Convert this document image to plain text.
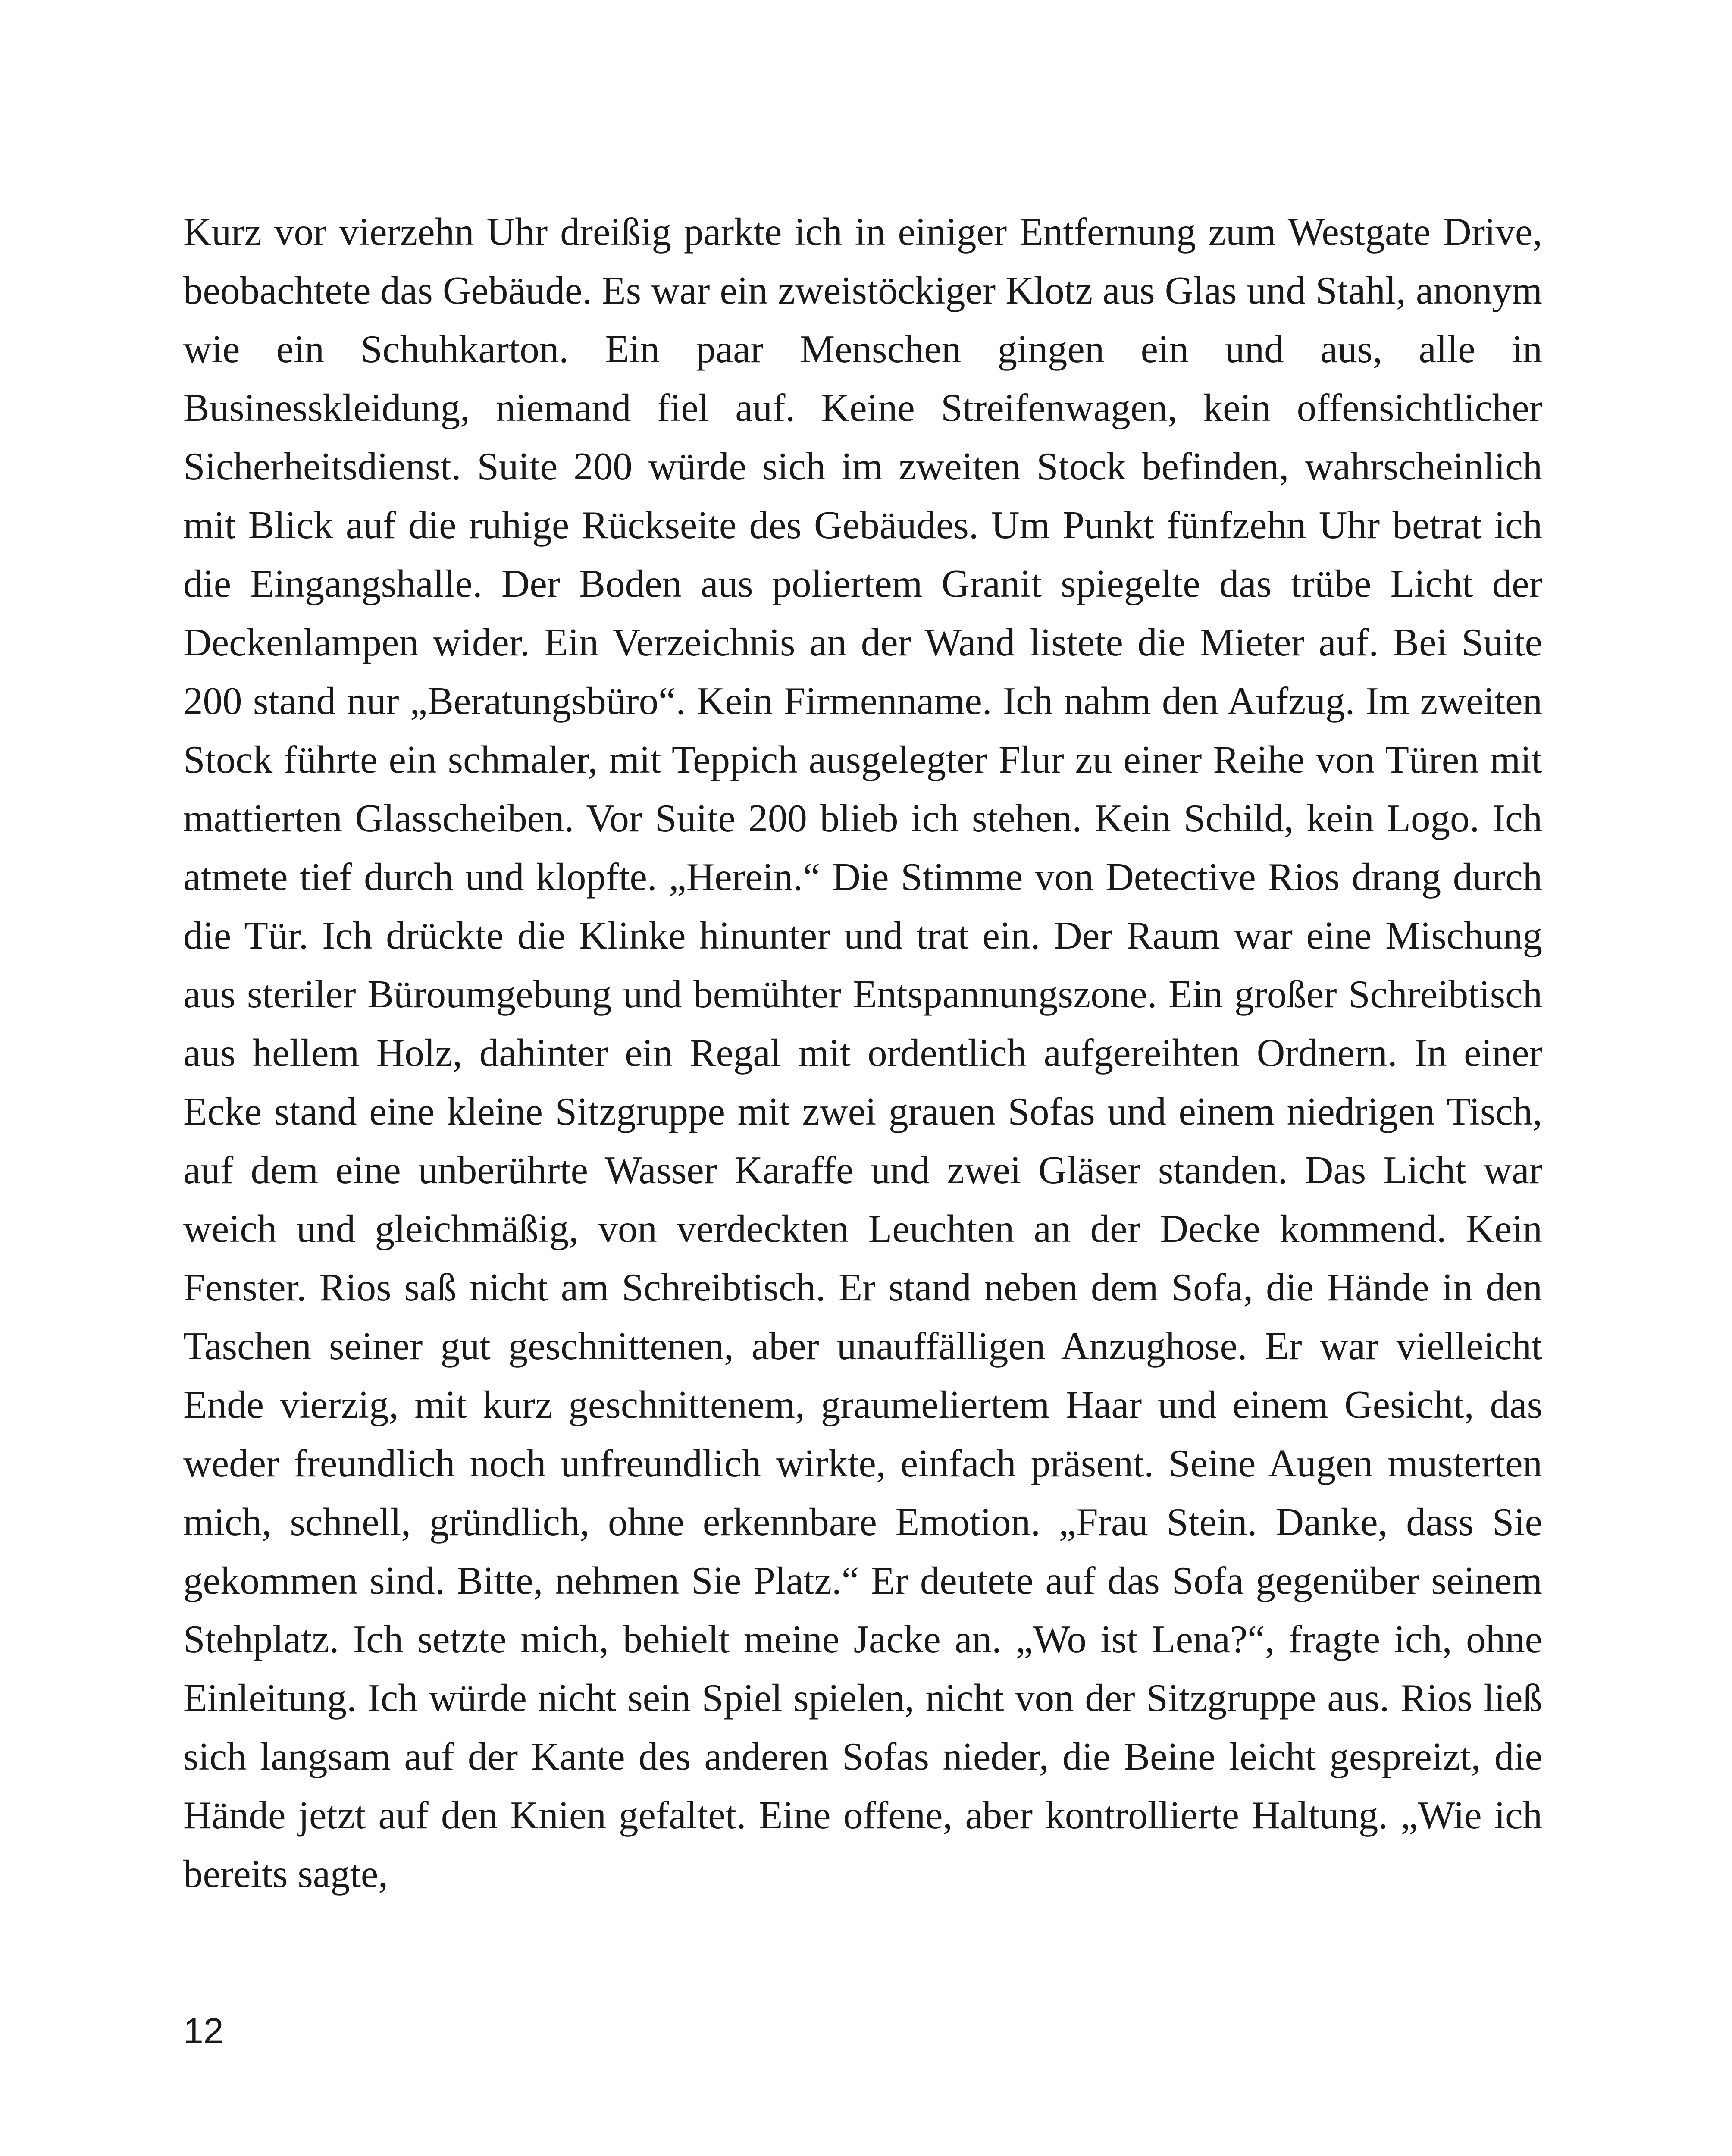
Kurz vor vierzehn Uhr dreißig parkte ich in einiger Entfernung zum Westgate Drive, beobachtete das Gebäude. Es war ein zweistöckiger Klotz aus Glas und Stahl, anonym wie ein Schuhkarton. Ein paar Menschen gingen ein und aus, alle in Businesskleidung, niemand fiel auf. Keine Streifenwagen, kein offensichtlicher Sicherheitsdienst. Suite 200 würde sich im zweiten Stock befinden, wahrscheinlich mit Blick auf die ruhige Rückseite des Gebäudes. Um Punkt fünfzehn Uhr betrat ich die Eingangshalle. Der Boden aus poliertem Granit spiegelte das trübe Licht der Deckenlampen wider. Ein Verzeichnis an der Wand listete die Mieter auf. Bei Suite 200 stand nur „Beratungsbüro“. Kein Firmenname. Ich nahm den Aufzug. Im zweiten Stock führte ein schmaler, mit Teppich ausgelegter Flur zu einer Reihe von Türen mit mattierten Glasscheiben. Vor Suite 200 blieb ich stehen. Kein Schild, kein Logo. Ich atmete tief durch und klopfte. „Herein.“ Die Stimme von Detective Rios drang durch die Tür. Ich drückte die Klinke hinunter und trat ein. Der Raum war eine Mischung aus steriler Büroumgebung und bemühter Entspannungszone. Ein großer Schreibtisch aus hellem Holz, dahinter ein Regal mit ordentlich aufgereihten Ordnern. In einer Ecke stand eine kleine Sitzgruppe mit zwei grauen Sofas und einem niedrigen Tisch, auf dem eine unberührte Wasser Karaffe und zwei Gläser standen. Das Licht war weich und gleichmäßig, von verdeckten Leuchten an der Decke kommend. Kein Fenster. Rios saß nicht am Schreibtisch. Er stand neben dem Sofa, die Hände in den Taschen seiner gut geschnittenen, aber unauffälligen Anzughose. Er war vielleicht Ende vierzig, mit kurz geschnittenem, graumeliertem Haar und einem Gesicht, das weder freundlich noch unfreundlich wirkte, einfach präsent. Seine Augen musterten mich, schnell, gründlich, ohne erkennbare Emotion. „Frau Stein. Danke, dass Sie gekommen sind. Bitte, nehmen Sie Platz.“ Er deutete auf das Sofa gegenüber seinem Stehplatz. Ich setzte mich, behielt meine Jacke an. „Wo ist Lena?“, fragte ich, ohne Einleitung. Ich würde nicht sein Spiel spielen, nicht von der Sitzgruppe aus. Rios ließ sich langsam auf der Kante des anderen Sofas nieder, die Beine leicht gespreizt, die Hände jetzt auf den Knien gefaltet. Eine offene, aber kontrollierte Haltung. „Wie ich bereits sagte,

12
